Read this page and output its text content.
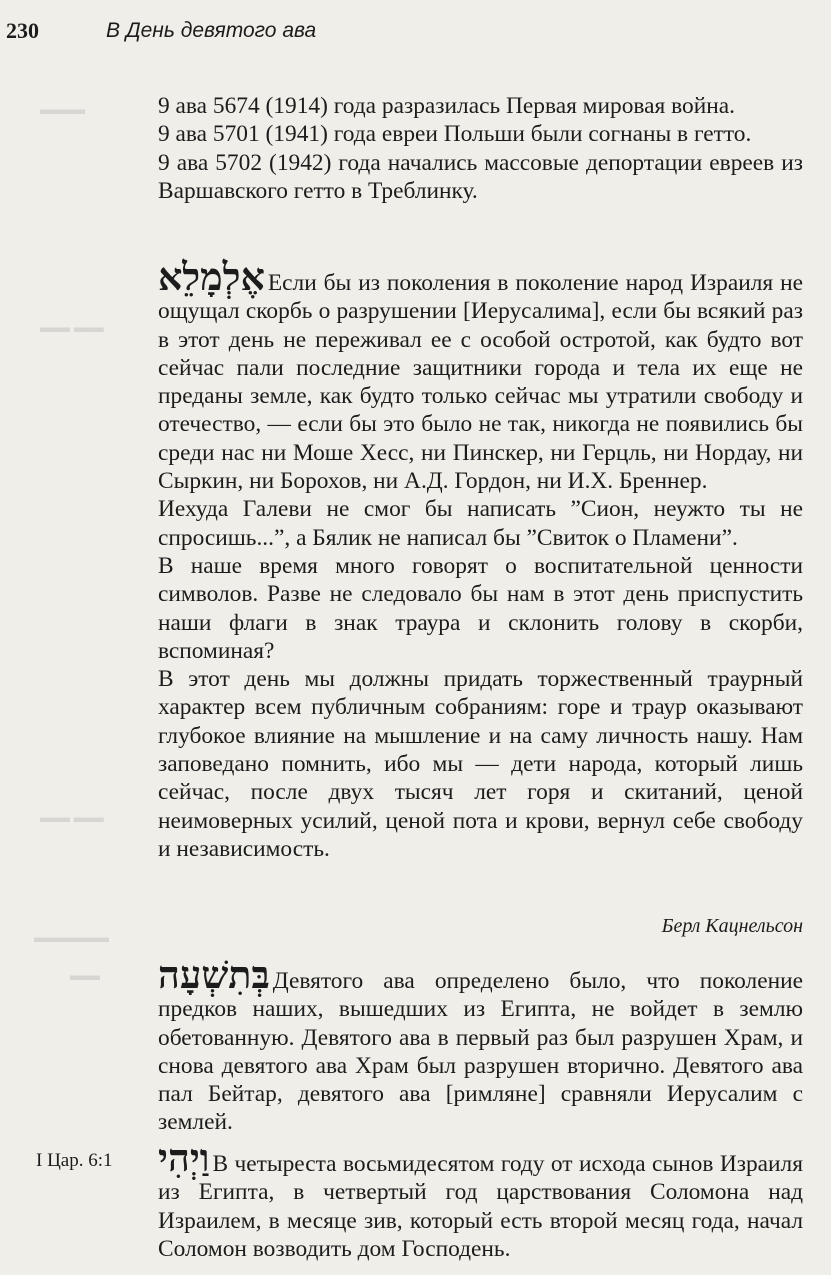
230	В День девятого ава
▬▬▬
▬▬ ▬▬
▬▬ ▬▬
▬▬▬▬▬
▬▬

9 ава 5674 (1914) года разразилась Первая мировая война.

9 ава 5701 (1941) года евреи Польши были согнаны в гетто.

9 ава 5702 (1942) года начались массовые депортации евреев из Варшавского гетто в Треблинку.

אֶלְמָלֵא Если бы из поколения в поколение народ Израиля не ощущал скорбь о разрушении [Иерусалима], если бы всякий раз в этот день не переживал ее с особой остротой, как будто вот сейчас пали последние защитники города и тела их еще не преданы земле, как будто только сейчас мы утратили свободу и отечество, — если бы это было не так, никогда не появились бы среди нас ни Моше Хесс, ни Пинскер, ни Герцль, ни Нордау, ни Сыркин, ни Борохов, ни А.Д. Гордон, ни И.Х. Бреннер.

Иехуда Галеви не смог бы написать ”Сион, неужто ты не спросишь...”, а Бялик не написал бы ”Свиток о Пламени”.

В наше время много говорят о воспитательной ценности символов. Разве не следовало бы нам в этот день приспустить наши флаги в знак траура и склонить голову в скорби, вспоминая?

В этот день мы должны придать торжественный траурный характер всем публичным собраниям: горе и траур оказывают глубокое влияние на мышление и на саму личность нашу. Нам заповедано помнить, ибо мы — дети народа, который лишь сейчас, после двух тысяч лет горя и скитаний, ценой неимоверных усилий, ценой пота и крови, вернул себе свободу и независимость.

Берл Кацнельсон

בְּתִשְׁעָה Девятого ава определено было, что поколение предков наших, вышедших из Египта, не войдет в землю обетованную. Девятого ава в первый раз был разрушен Храм, и снова девятого ава Храм был разрушен вторично. Девятого ава пал Бейтар, девятого ава [римляне] сравняли Иерусалим с землей.

I Цар. 6:1 וַיְהִי В четыреста восьмидесятом году от исхода сынов Израиля из Египта, в четвертый год царствования Соломона над Израилем, в месяце зив, который есть второй месяц года, начал Соломон возводить дом Господень.
